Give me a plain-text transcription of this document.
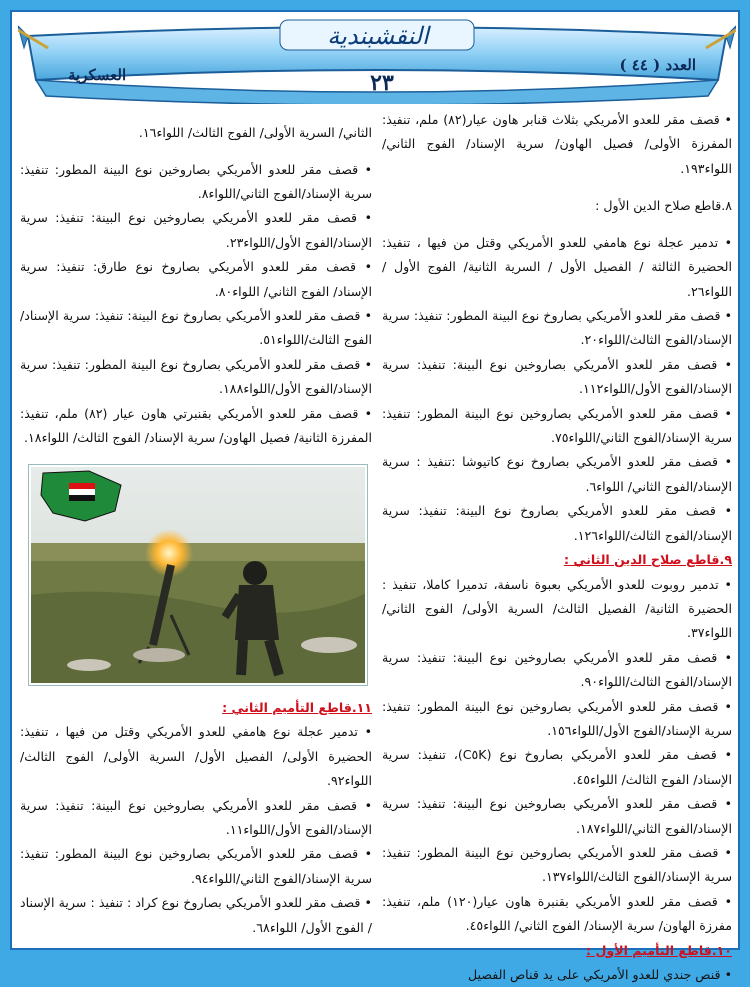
النقشبندية
العدد ( ٤٤ )
العسكرية	٢٣

• قصف مقر للعدو الأمريكي بثلاث قنابر هاون عيار(٨٢) ملم، تنفيذ: المفرزة الأولى/ فصيل الهاون/ سرية الإسناد/ الفوج الثاني/ اللواء١٩٣.

٨.قاطع صلاح الدين الأول :

• تدمير عجلة نوع هامفي للعدو الأمريكي وقتل من فيها ، تنفيذ: الحضيرة الثالثة / الفصيل الأول / السرية الثانية/ الفوج الأول / اللواء٢٦.

• قصف مقر للعدو الأمريكي بصاروخ نوع البينة المطور: تنفيذ: سرية الإسناد/الفوج الثالث/اللواء٢٠.

• قصف مقر للعدو الأمريكي بصاروخين نوع البينة: تنفيذ: سرية الإسناد/الفوج الأول/اللواء١١٢.

• قصف مقر للعدو الأمريكي بصاروخين نوع البينة المطور: تنفيذ: سرية الإسناد/الفوج الثاني/اللواء٧٥.

• قصف مقر للعدو الأمريكي بصاروخ نوع كاتيوشا :تنفيذ : سرية الإسناد/الفوج الثاني/ اللواء٦.

• قصف مقر للعدو الأمريكي بصاروخ نوع البينة: تنفيذ: سرية الإسناد/الفوج الثالث/اللواء١٢٦.

٩.قاطع صلاح الدين الثاني :

• تدمير روبوت للعدو الأمريكي بعبوة ناسفة، تدميرا كاملا، تنفيذ : الحضيرة الثانية/ الفصيل الثالث/ السرية الأولى/ الفوج الثاني/ اللواء٣٧.

• قصف مقر للعدو الأمريكي بصاروخين نوع البينة: تنفيذ: سرية الإسناد/الفوج الثالث/اللواء٩٠.

• قصف مقر للعدو الأمريكي بصاروخين نوع البينة المطور: تنفيذ: سرية الإسناد/الفوج الأول/اللواء١٥٦.

• قصف مقر للعدو الأمريكي بصاروخ نوع (C٥K)، تنفيذ: سرية الإسناد/ الفوج الثالث/ اللواء٤٥.

• قصف مقر للعدو الأمريكي بصاروخين نوع البينة: تنفيذ: سرية الإسناد/الفوج الثاني/اللواء١٨٧.

• قصف مقر للعدو الأمريكي بصاروخين نوع البينة المطور: تنفيذ: سرية الإسناد/الفوج الثالث/اللواء١٣٧.

• قصف مقر للعدو الأمريكي بقنبرة هاون عيار(١٢٠) ملم، تنفيذ: مفرزة الهاون/ سرية الإسناد/ الفوج الثاني/ اللواء٤٥.

١٠.قاطع التأميم الأول :

• قنص جندي للعدو الأمريكي على يد قناص الفصيل

الثاني/ السرية الأولى/ الفوج الثالث/ اللواء١٦.

• قصف مقر للعدو الأمريكي بصاروخين نوع البينة المطور: تنفيذ: سرية الإسناد/الفوج الثاني/اللواء٨.

• قصف مقر للعدو الأمريكي بصاروخين نوع البينة: تنفيذ: سرية الإسناد/الفوج الأول/اللواء٢٣.

• قصف مقر للعدو الأمريكي بصاروخ نوع طارق: تنفيذ: سرية الإسناد/ الفوج الثاني/ اللواء٨٠.

• قصف مقر للعدو الأمريكي بصاروخ نوع البينة: تنفيذ: سرية الإسناد/الفوج الثالث/اللواء٥١.

• قصف مقر للعدو الأمريكي بصاروخ نوع البينة المطور: تنفيذ: سرية الإسناد/الفوج الأول/اللواء١٨٨.

• قصف مقر للعدو الأمريكي بقنبرتي هاون عيار (٨٢) ملم، تنفيذ: المفرزة الثانية/ فصيل الهاون/ سرية الإسناد/ الفوج الثالث/ اللواء١٨.

١١.قاطع التأميم الثاني :

• تدمير عجلة نوع هامفي للعدو الأمريكي وقتل من فيها ، تنفيذ: الحضيرة الأولى/ الفصيل الأول/ السرية الأولى/ الفوج الثالث/ اللواء٩٢.

• قصف مقر للعدو الأمريكي بصاروخين نوع البينة: تنفيذ: سرية الإسناد/الفوج الأول/اللواء١١.

• قصف مقر للعدو الأمريكي بصاروخين نوع البينة المطور: تنفيذ: سرية الإسناد/الفوج الثاني/اللواء٩٤.

• قصف مقر للعدو الأمريكي بصاروخ نوع كراد : تنفيذ : سرية الإسناد / الفوج الأول/ اللواء٦٨.
